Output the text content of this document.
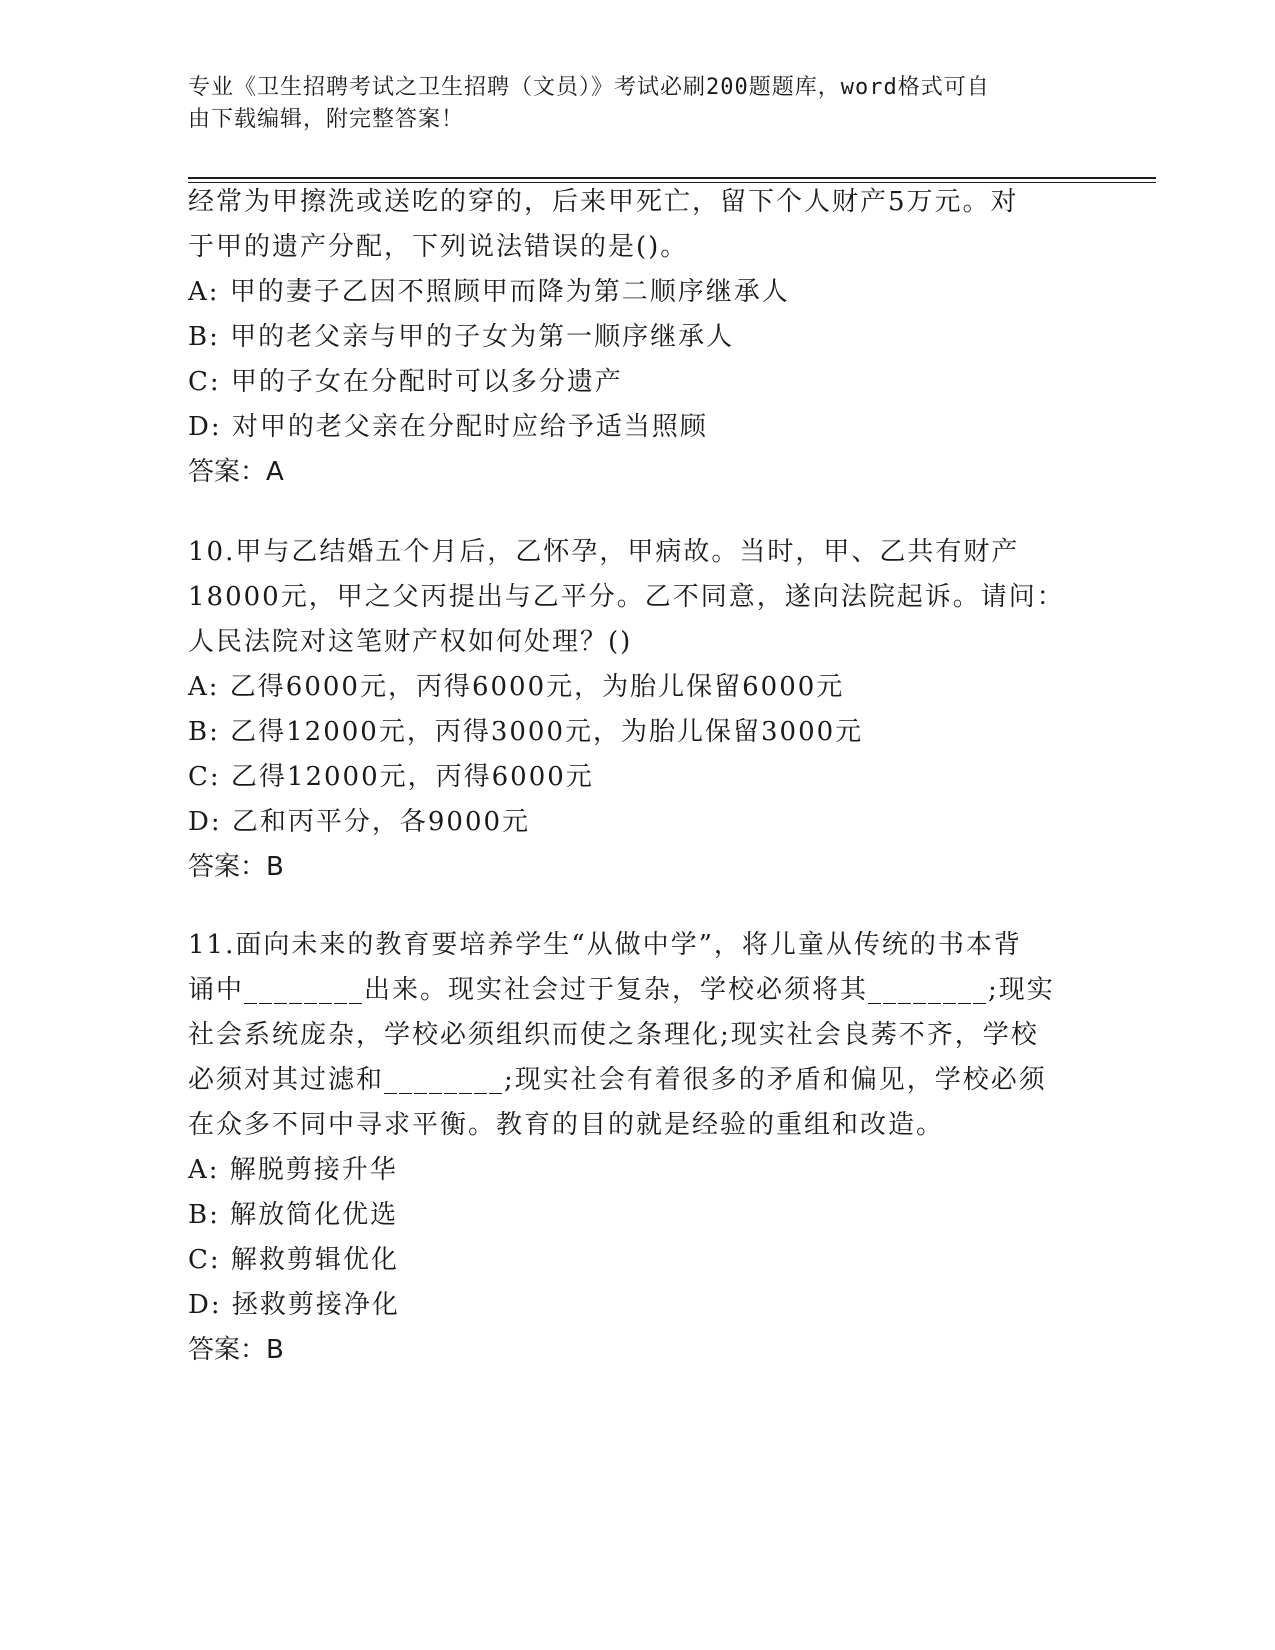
专业《卫生招聘考试之卫生招聘（文员）》考试必刷200题题库，word格式可自
由下载编辑，附完整答案！
经常为甲擦洗或送吃的穿的，后来甲死亡，留下个人财产5万元。对
于甲的遗产分配，下列说法错误的是()。
A: 甲的妻子乙因不照顾甲而降为第二顺序继承人
B: 甲的老父亲与甲的子女为第一顺序继承人
C: 甲的子女在分配时可以多分遗产
D: 对甲的老父亲在分配时应给予适当照顾
答案：A
10.甲与乙结婚五个月后，乙怀孕，甲病故。当时，甲、乙共有财产
18000元，甲之父丙提出与乙平分。乙不同意，遂向法院起诉。请问：
人民法院对这笔财产权如何处理？()
A: 乙得6000元，丙得6000元，为胎儿保留6000元
B: 乙得12000元，丙得3000元，为胎儿保留3000元
C: 乙得12000元，丙得6000元
D: 乙和丙平分，各9000元
答案：B
11.面向未来的教育要培养学生“从做中学”，将儿童从传统的书本背
诵中________出来。现实社会过于复杂，学校必须将其________;现实
社会系统庞杂，学校必须组织而使之条理化;现实社会良莠不齐，学校
必须对其过滤和________;现实社会有着很多的矛盾和偏见，学校必须
在众多不同中寻求平衡。教育的目的就是经验的重组和改造。
A: 解脱剪接升华
B: 解放简化优选
C: 解救剪辑优化
D: 拯救剪接净化
答案：B
